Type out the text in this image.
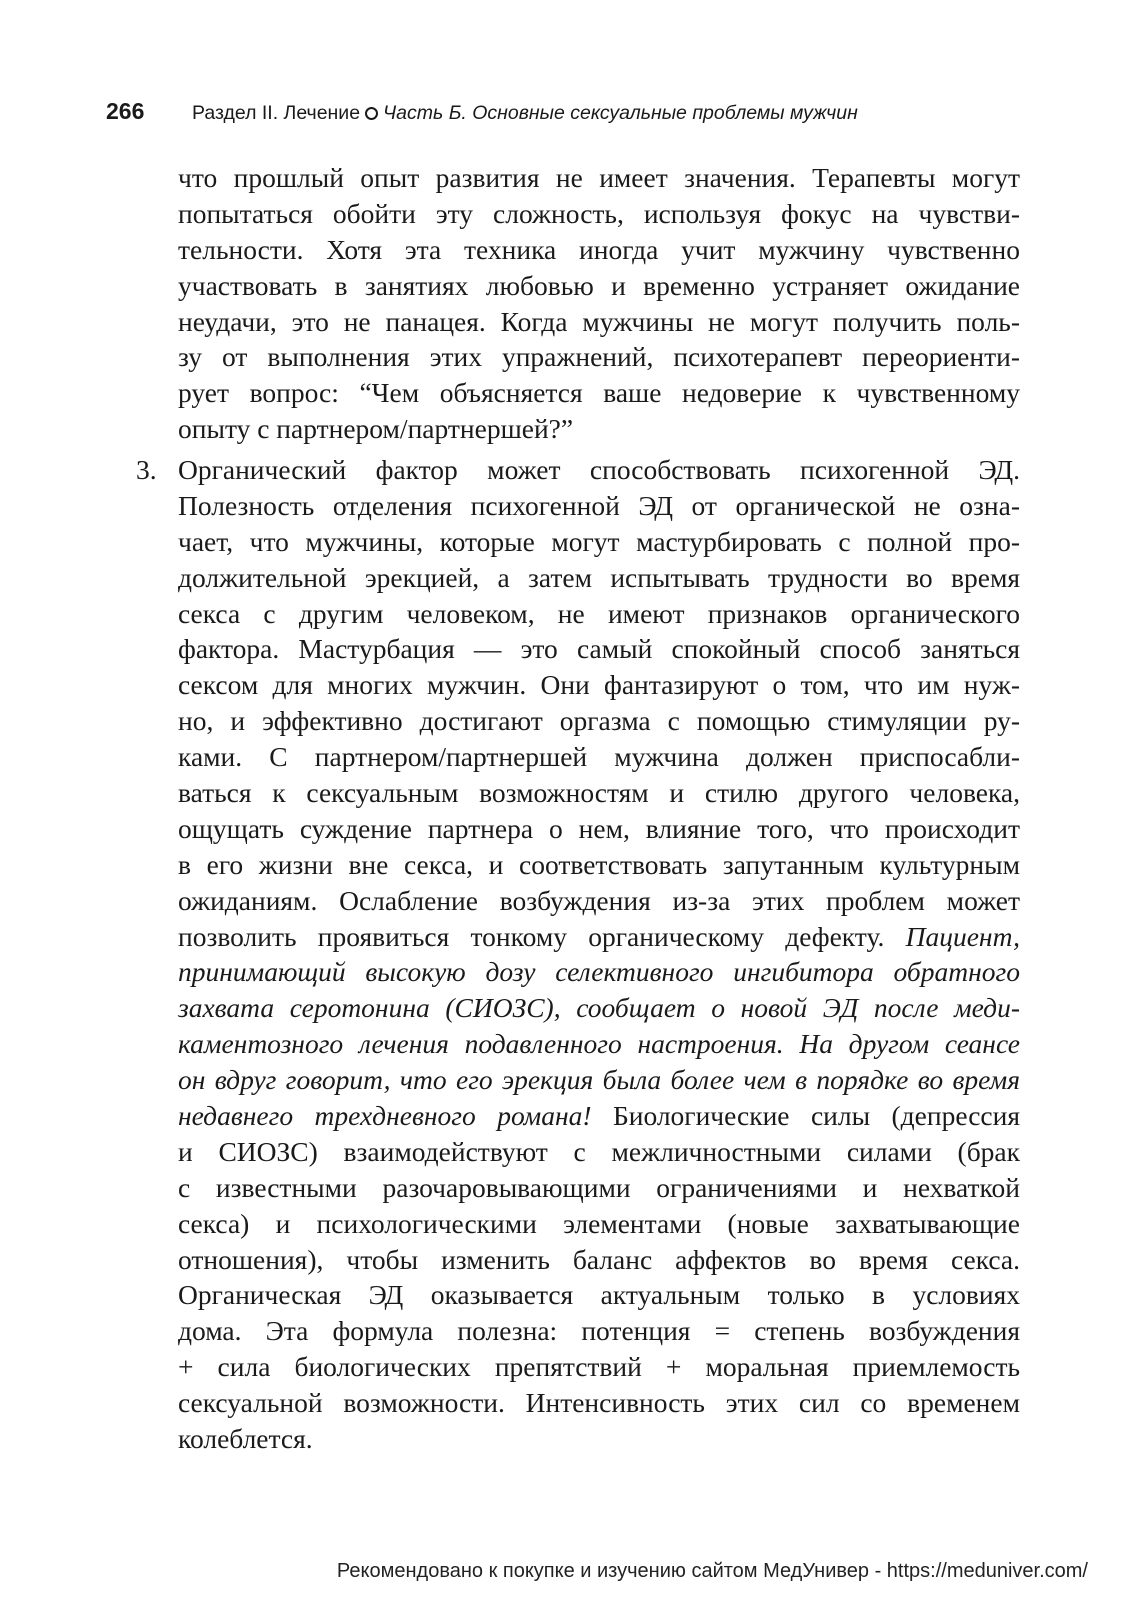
266 Раздел II. Лечение Часть Б. Основные сексуальные проблемы мужчин
что прошлый опыт развития не имеет значения. Терапевты могут
попытаться обойти эту сложность, используя фокус на чувстви-
тельности. Хотя эта техника иногда учит мужчину чувственно
участвовать в занятиях любовью и временно устраняет ожидание
неудачи, это не панацея. Когда мужчины не могут получить поль-
зу от выполнения этих упражнений, психотерапевт переориенти-
рует вопрос: “Чем объясняется ваше недоверие к чувственному
опыту с партнером/партнершей?”
3. Органический фактор может способствовать психогенной ЭД.
Полезность отделения психогенной ЭД от органической не озна-
чает, что мужчины, которые могут мастурбировать с полной про-
должительной эрекцией, а затем испытывать трудности во время
секса с другим человеком, не имеют признаков органического
фактора. Мастурбация — это самый спокойный способ заняться
сексом для многих мужчин. Они фантазируют о том, что им нуж-
но, и эффективно достигают оргазма с помощью стимуляции ру-
ками. С партнером/партнершей мужчина должен приспосабли-
ваться к сексуальным возможностям и стилю другого человека,
ощущать суждение партнера о нем, влияние того, что происходит
в его жизни вне секса, и соответствовать запутанным культурным
ожиданиям. Ослабление возбуждения из-за этих проблем может
позволить проявиться тонкому органическому дефекту. Пациент,
принимающий высокую дозу селективного ингибитора обратного
захвата серотонина (СИОЗС), сообщает о новой ЭД после меди-
каментозного лечения подавленного настроения. На другом сеансе
он вдруг говорит, что его эрекция была более чем в порядке во время
недавнего трехдневного романа! Биологические силы (депрессия
и СИОЗС) взаимодействуют с межличностными силами (брак
с известными разочаровывающими ограничениями и нехваткой
секса) и психологическими элементами (новые захватывающие
отношения), чтобы изменить баланс аффектов во время секса.
Органическая ЭД оказывается актуальным только в условиях
дома. Эта формула полезна: потенция = степень возбуждения
+ сила биологических препятствий + моральная приемлемость
сексуальной возможности. Интенсивность этих сил со временем
колеблется.
Рекомендовано к покупке и изучению сайтом МедУнивер - https://meduniver.com/
